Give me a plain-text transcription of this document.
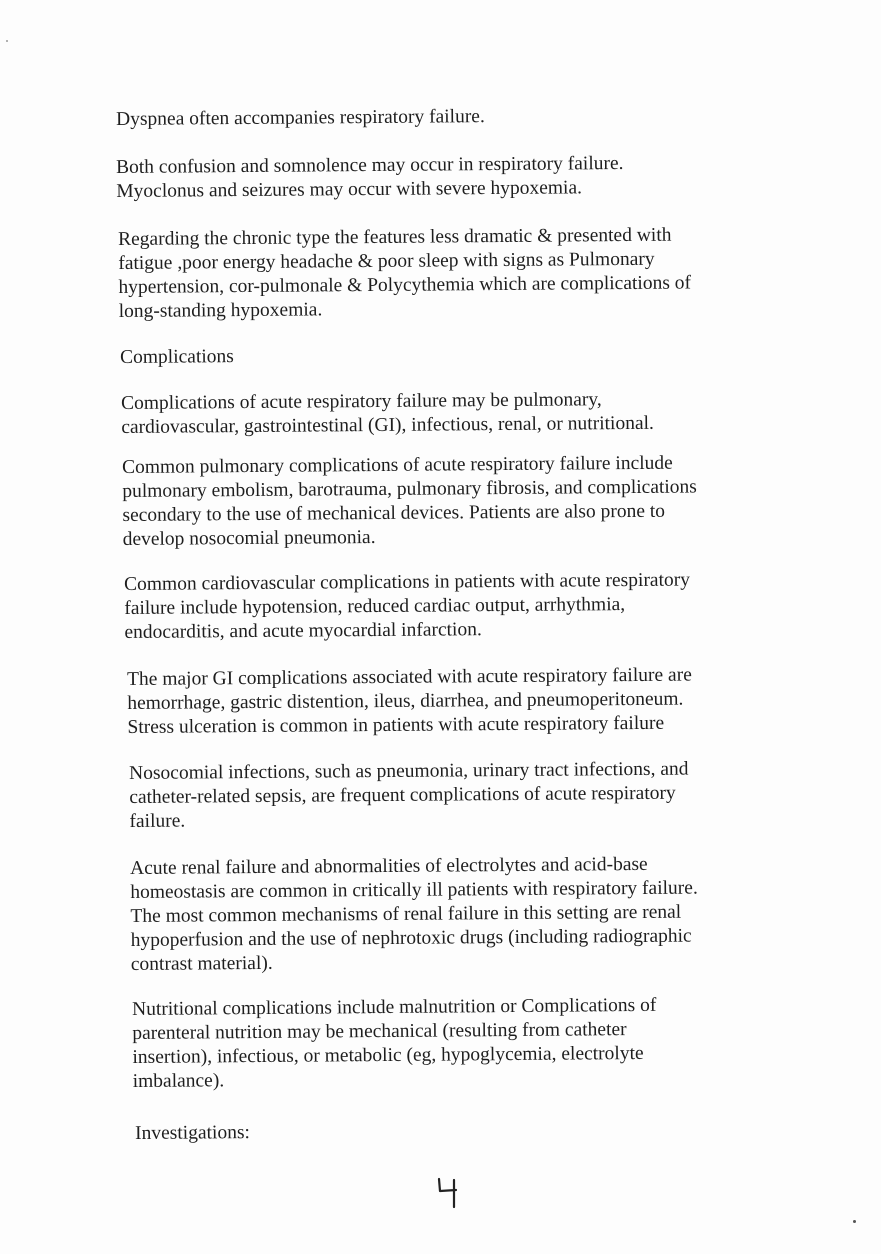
Dyspnea often accompanies respiratory failure.
Both confusion and somnolence may occur in respiratory failure.
Myoclonus and seizures may occur with severe hypoxemia.
Regarding the chronic type the features less dramatic & presented with
fatigue ,poor energy headache & poor sleep with signs as Pulmonary
hypertension, cor-pulmonale & Polycythemia which are complications of
long-standing hypoxemia.
Complications
Complications of acute respiratory failure may be pulmonary,
cardiovascular, gastrointestinal (GI), infectious, renal, or nutritional.
Common pulmonary complications of acute respiratory failure include
pulmonary embolism, barotrauma, pulmonary fibrosis, and complications
secondary to the use of mechanical devices. Patients are also prone to
develop nosocomial pneumonia.
Common cardiovascular complications in patients with acute respiratory
failure include hypotension, reduced cardiac output, arrhythmia,
endocarditis, and acute myocardial infarction.
The major GI complications associated with acute respiratory failure are
hemorrhage, gastric distention, ileus, diarrhea, and pneumoperitoneum.
Stress ulceration is common in patients with acute respiratory failure
Nosocomial infections, such as pneumonia, urinary tract infections, and
catheter-related sepsis, are frequent complications of acute respiratory
failure.
Acute renal failure and abnormalities of electrolytes and acid-base
homeostasis are common in critically ill patients with respiratory failure.
The most common mechanisms of renal failure in this setting are renal
hypoperfusion and the use of nephrotoxic drugs (including radiographic
contrast material).
Nutritional complications include malnutrition or Complications of
parenteral nutrition may be mechanical (resulting from catheter
insertion), infectious, or metabolic (eg, hypoglycemia, electrolyte
imbalance).
Investigations:
